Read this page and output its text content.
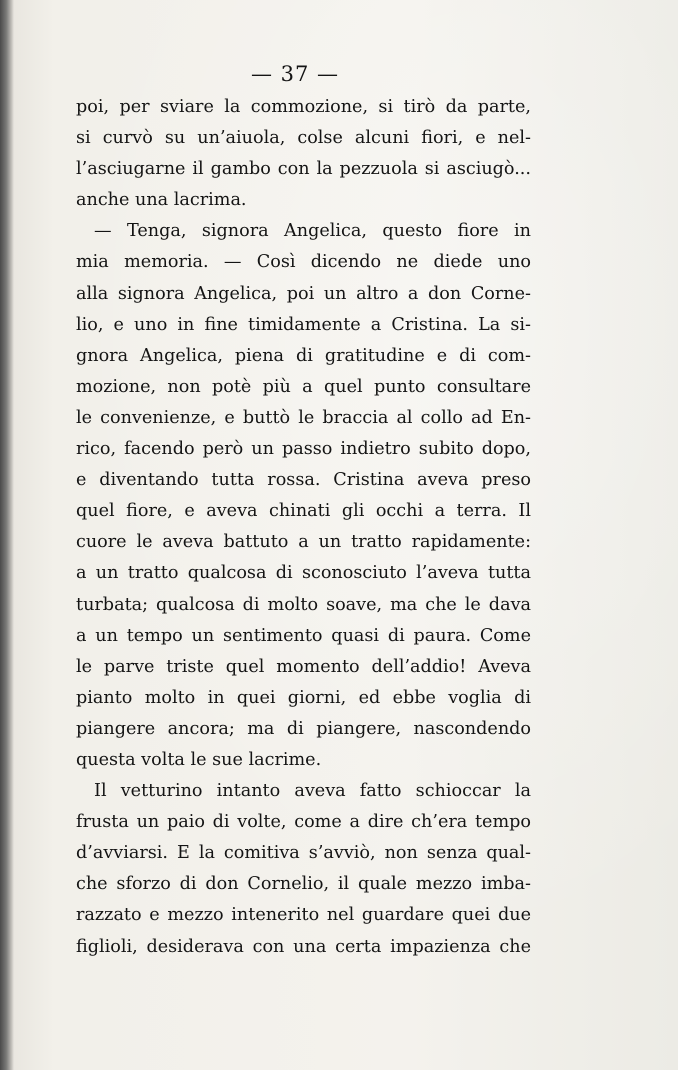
— 37 —
poi, per sviare la commozione, si tirò da parte,
si curvò su un’aiuola, colse alcuni fiori, e nel-
l’asciugarne il gambo con la pezzuola si asciugò...
anche una lacrima.
— Tenga, signora Angelica, questo fiore in
mia memoria. — Così dicendo ne diede uno
alla signora Angelica, poi un altro a don Corne-
lio, e uno in fine timidamente a Cristina. La si-
gnora Angelica, piena di gratitudine e di com-
mozione, non potè più a quel punto consultare
le convenienze, e buttò le braccia al collo ad En-
rico, facendo però un passo indietro subito dopo,
e diventando tutta rossa. Cristina aveva preso
quel fiore, e aveva chinati gli occhi a terra. Il
cuore le aveva battuto a un tratto rapidamente:
a un tratto qualcosa di sconosciuto l’aveva tutta
turbata; qualcosa di molto soave, ma che le dava
a un tempo un sentimento quasi di paura. Come
le parve triste quel momento dell’addio! Aveva
pianto molto in quei giorni, ed ebbe voglia di
piangere ancora; ma di piangere, nascondendo
questa volta le sue lacrime.
Il vetturino intanto aveva fatto schioccar la
frusta un paio di volte, come a dire ch’era tempo
d’avviarsi. E la comitiva s’avviò, non senza qual-
che sforzo di don Cornelio, il quale mezzo imba-
razzato e mezzo intenerito nel guardare quei due
figlioli, desiderava con una certa impazienza che
